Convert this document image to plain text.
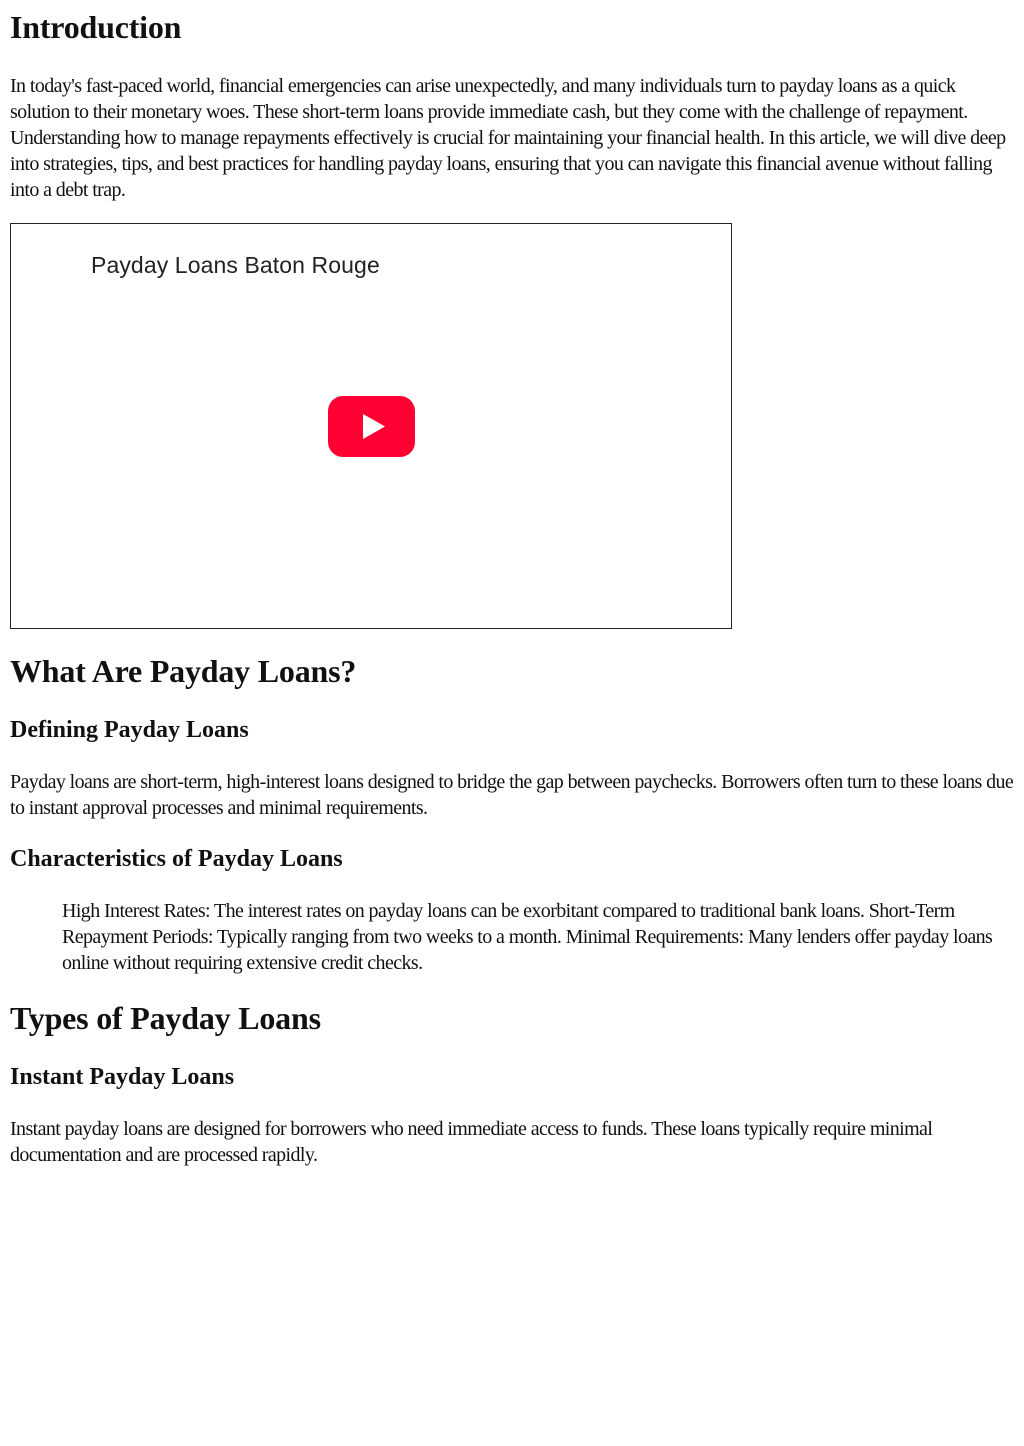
Introduction

In today's fast-paced world, financial emergencies can arise unexpectedly, and many individuals turn to payday loans as a quick solution to their monetary woes. These short-term loans provide immediate cash, but they come with the challenge of repayment. Understanding how to manage repayments effectively is crucial for maintaining your financial health. In this article, we will dive deep into strategies, tips, and best practices for handling payday loans, ensuring that you can navigate this financial avenue without falling into a debt trap.

Payday Loans Baton Rouge
What Are Payday Loans?
Defining Payday Loans

Payday loans are short-term, high-interest loans designed to bridge the gap between paychecks. Borrowers often turn to these loans due to instant approval processes and minimal requirements.

Characteristics of Payday Loans

High Interest Rates: The interest rates on payday loans can be exorbitant compared to traditional bank loans. Short-Term Repayment Periods: Typically ranging from two weeks to a month. Minimal Requirements: Many lenders offer payday loans online without requiring extensive credit checks.

Types of Payday Loans
Instant Payday Loans

Instant payday loans are designed for borrowers who need immediate access to funds. These loans typically require minimal documentation and are processed rapidly.
